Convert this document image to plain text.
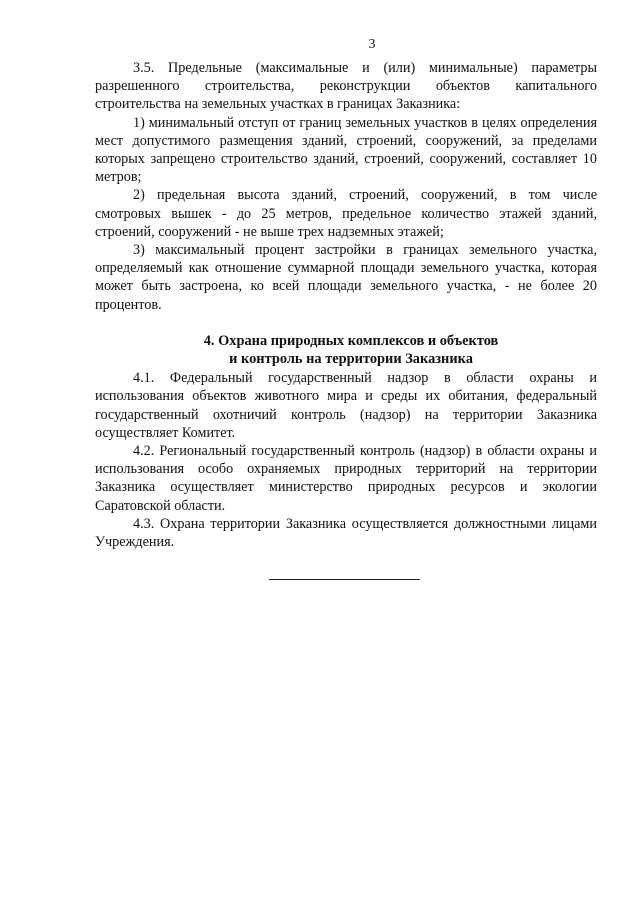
3

3.5. Предельные (максимальные и (или) минимальные) параметры разрешенного строительства, реконструкции объектов капитального строительства на земельных участках в границах Заказника:

1) минимальный отступ от границ земельных участков в целях определения мест допустимого размещения зданий, строений, сооружений, за пределами которых запрещено строительство зданий, строений, сооружений, составляет 10 метров;

2) предельная высота зданий, строений, сооружений, в том числе смотровых вышек - до 25 метров, предельное количество этажей зданий, строений, сооружений - не выше трех надземных этажей;

3) максимальный процент застройки в границах земельного участка, определяемый как отношение суммарной площади земельного участка, которая может быть застроена, ко всей площади земельного участка, - не более 20 процентов.

4. Охрана природных комплексов и объектов
и контроль на территории Заказника

4.1. Федеральный государственный надзор в области охраны и использования объектов животного мира и среды их обитания, федеральный государственный охотничий контроль (надзор) на территории Заказника осуществляет Комитет.

4.2. Региональный государственный контроль (надзор) в области охраны и использования особо охраняемых природных территорий на территории Заказника осуществляет министерство природных ресурсов и экологии Саратовской области.

4.3. Охрана территории Заказника осуществляется должностными лицами Учреждения.
